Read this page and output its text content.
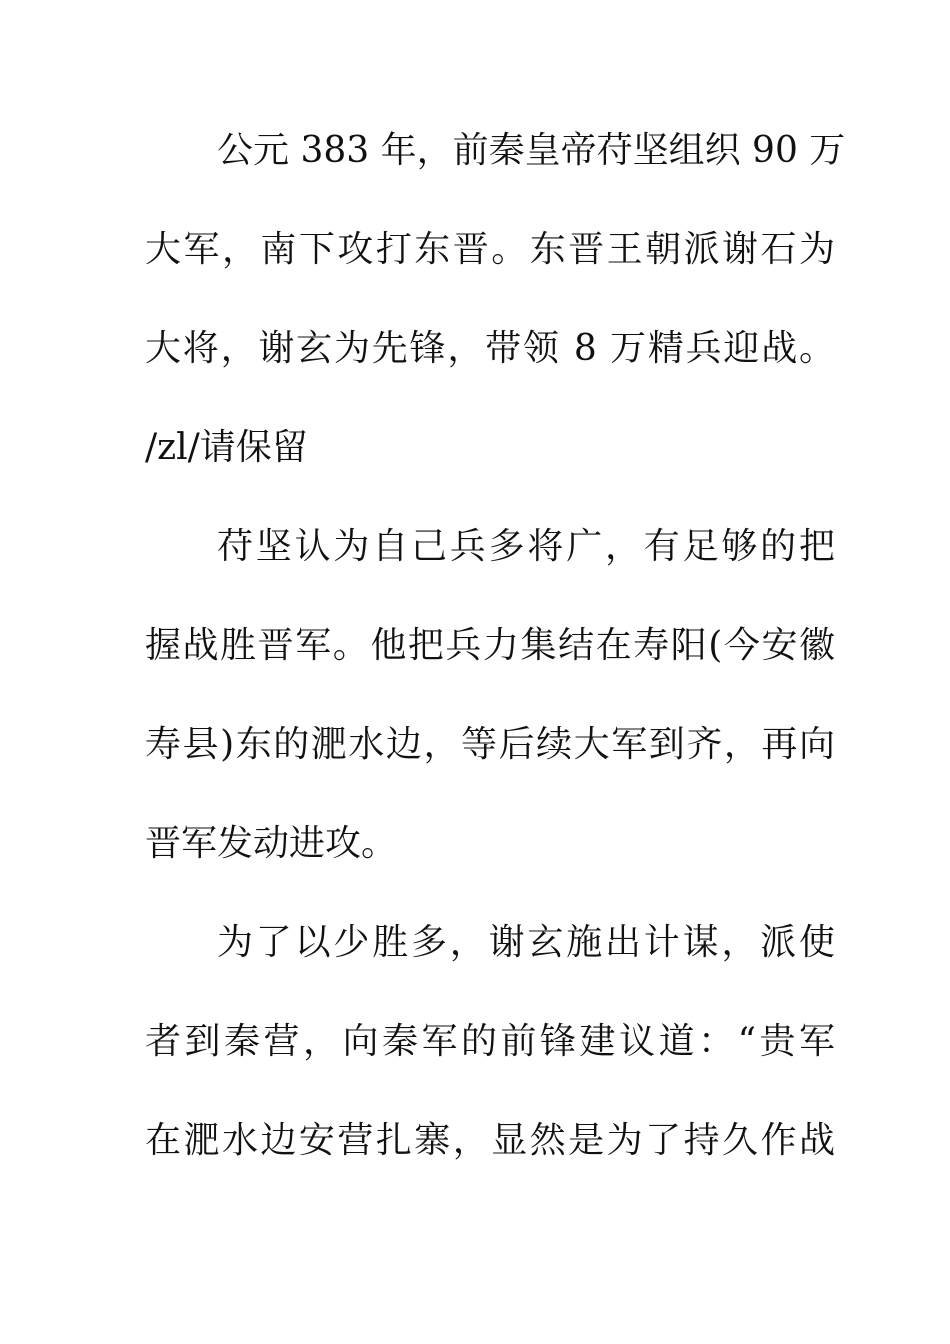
公元 383 年，前秦皇帝苻坚组织 90 万
大军，南下攻打东晋。东晋王朝派谢石为
大将，谢玄为先锋，带领 8 万精兵迎战。
/zl/请保留
苻坚认为自己兵多将广，有足够的把
握战胜晋军。他把兵力集结在寿阳(今安徽
寿县)东的淝水边，等后续大军到齐，再向
晋军发动进攻。
为了以少胜多，谢玄施出计谋，派使
者到秦营，向秦军的前锋建议道：“贵军
在淝水边安营扎寨，显然是为了持久作战
